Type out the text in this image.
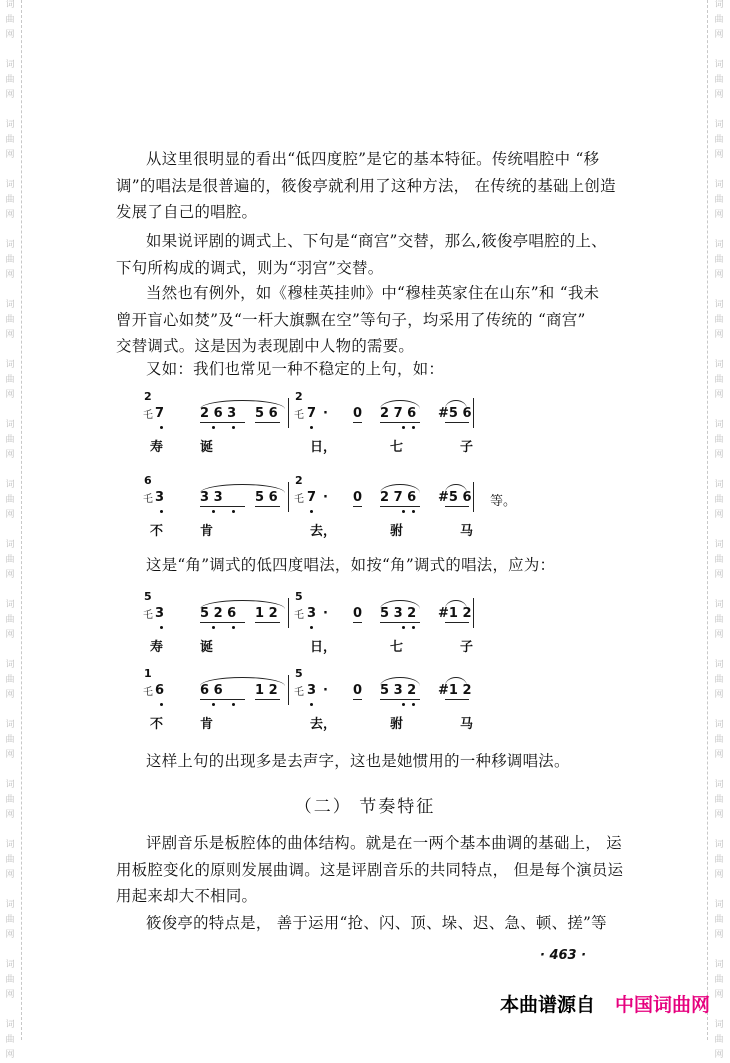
词
曲
网
词
曲
网
词
曲
网
词
曲
网
词
曲
网
词
曲
网
词
曲
网
词
曲
网
词
曲
网
词
曲
网
词
曲
网
词
曲
网
词
曲
网
词
曲
网
词
曲
网
词
曲
网
词
曲
网
词
曲
网
词
曲
网
词
曲
网
词
曲
网
词
曲
网
词
曲
网
词
曲
网
词
曲
网
词
曲
网
词
曲
网
词
曲
网
词
曲
网
词
曲
网
词
曲
网
词
曲
网
词
曲
网
词
曲
网
词
曲
网
词
曲
网
从这里很明显的看出“低四度腔”是它的基本特征。传统唱腔中 “移
调”的唱法是很普遍的，筱俊亭就利用了这种方法， 在传统的基础上创造
发展了自己的唱腔。
如果说评剧的调式上、下句是“商宫”交替，那么,筱俊亭唱腔的上、
下句所构成的调式，则为“羽宫”交替。
当然也有例外，如《穆桂英挂帅》中“穆桂英家住在山东”和 “我未
曾开盲心如焚”及“一杆大旗飘在空”等句子，均采用了传统的 “商宫”
交替调式。这是因为表现剧中人物的需要。
又如：我们也常见一种不稳定的上句，如：
2
乇 7	2 6 3 5 6
2
乇 7 · 0 2 7 6 #5 6
寿	诞	日，	七	子
6
乇 3	3 3 5 6
2
乇 7 · 0 2 7 6 #5 6 等。
不	肯	去，	驸	马
5
乇 3	5 2 6 1 2
5
乇 3 · 0 5 3 2 #1 2
寿	诞	日，	七	子
1
乇 6	6 6 1 2
5
乇 3 · 0 5 3 2 #1 2
不	肯	去，	驸	马
这是“角”调式的低四度唱法，如按“角”调式的唱法，应为：
这样上句的出现多是去声字，这也是她惯用的一种移调唱法。
（二） 节奏特征
评剧音乐是板腔体的曲体结构。就是在一两个基本曲调的基础上， 运
用板腔变化的原则发展曲调。这是评剧音乐的共同特点， 但是每个演员运
用起来却大不相同。
筱俊亭的特点是， 善于运用“抢、闪、顶、垛、迟、急、顿、搓”等
· 463 ·
本曲谱源自 中国词曲网
